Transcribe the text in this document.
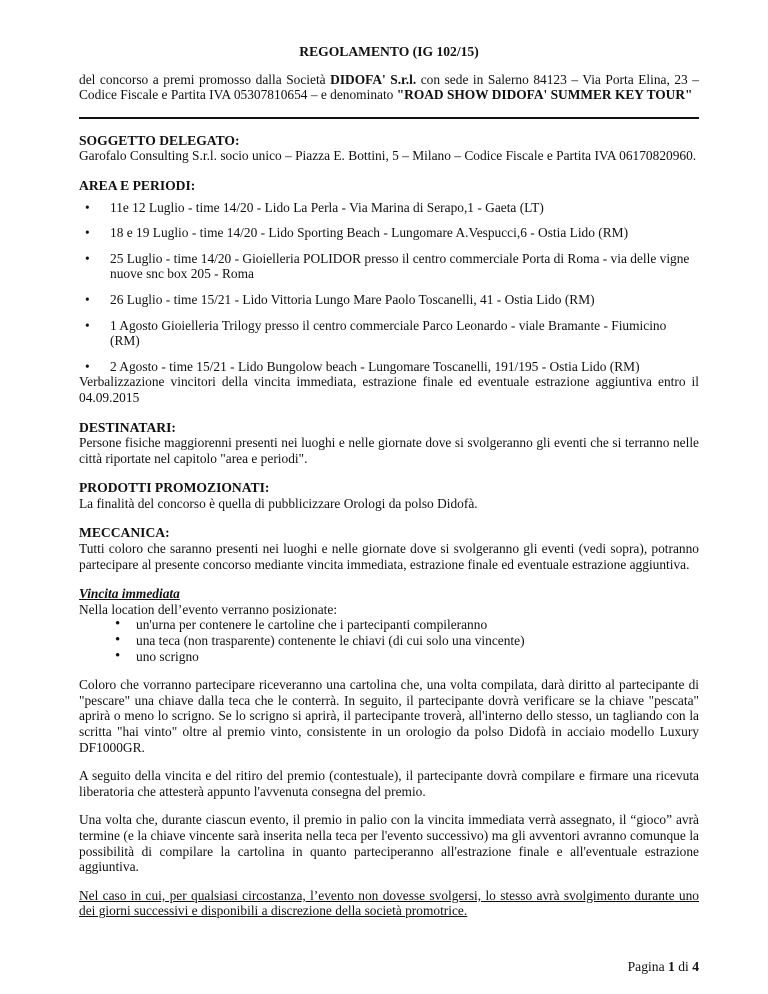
REGOLAMENTO (IG 102/15)

del concorso a premi promosso dalla Società DIDOFA' S.r.l. con sede in Salerno 84123 – Via Porta Elina, 23 – Codice Fiscale e Partita IVA 05307810654 – e denominato "ROAD SHOW DIDOFA' SUMMER KEY TOUR"

SOGGETTO DELEGATO:

Garofalo Consulting S.r.l. socio unico – Piazza E. Bottini, 5 – Milano – Codice Fiscale e Partita IVA 06170820960.

AREA E PERIODI:
• 11e 12 Luglio - time 14/20 - Lido La Perla - Via Marina di Serapo,1 - Gaeta (LT)
• 18 e 19 Luglio - time 14/20 - Lido Sporting Beach - Lungomare A.Vespucci,6 - Ostia Lido (RM)
• 25 Luglio - time 14/20 - Gioielleria POLIDOR presso il centro commerciale Porta di Roma - via delle vigne nuove snc box 205 - Roma
• 26 Luglio - time 15/21 - Lido Vittoria Lungo Mare Paolo Toscanelli, 41 - Ostia Lido (RM)
• 1 Agosto Gioielleria Trilogy presso il centro commerciale Parco Leonardo - viale Bramante - Fiumicino (RM)
• 2 Agosto - time 15/21 - Lido Bungolow beach - Lungomare Toscanelli, 191/195 - Ostia Lido (RM)

Verbalizzazione vincitori della vincita immediata, estrazione finale ed eventuale estrazione aggiuntiva entro il 04.09.2015

DESTINATARI:

Persone fisiche maggiorenni presenti nei luoghi e nelle giornate dove si svolgeranno gli eventi che si terranno nelle città riportate nel capitolo "area e periodi".

PRODOTTI PROMOZIONATI:

La finalità del concorso è quella di pubblicizzare Orologi da polso Didofà.

MECCANICA:

Tutti coloro che saranno presenti nei luoghi e nelle giornate dove si svolgeranno gli eventi (vedi sopra), potranno partecipare al presente concorso mediante vincita immediata, estrazione finale ed eventuale estrazione aggiuntiva.

Vincita immediata

Nella location dell’evento verranno posizionate:

• un'urna per contenere le cartoline che i partecipanti compileranno
• una teca (non trasparente) contenente le chiavi (di cui solo una vincente)
• uno scrigno

Coloro che vorranno partecipare riceveranno una cartolina che, una volta compilata, darà diritto al partecipante di "pescare" una chiave dalla teca che le conterrà. In seguito, il partecipante dovrà verificare se la chiave "pescata" aprirà o meno lo scrigno. Se lo scrigno si aprirà, il partecipante troverà, all'interno dello stesso, un tagliando con la scritta "hai vinto" oltre al premio vinto, consistente in un orologio da polso Didofà in acciaio modello Luxury DF1000GR.

A seguito della vincita e del ritiro del premio (contestuale), il partecipante dovrà compilare e firmare una ricevuta liberatoria che attesterà appunto l'avvenuta consegna del premio.

Una volta che, durante ciascun evento, il premio in palio con la vincita immediata verrà assegnato, il “gioco” avrà termine (e la chiave vincente sarà inserita nella teca per l'evento successivo) ma gli avventori avranno comunque la possibilità di compilare la cartolina in quanto parteciperanno all'estrazione finale e all'eventuale estrazione aggiuntiva.

Nel caso in cui, per qualsiasi circostanza, l’evento non dovesse svolgersi, lo stesso avrà svolgimento durante uno dei giorni successivi e disponibili a discrezione della società promotrice.

Pagina 1 di 4
